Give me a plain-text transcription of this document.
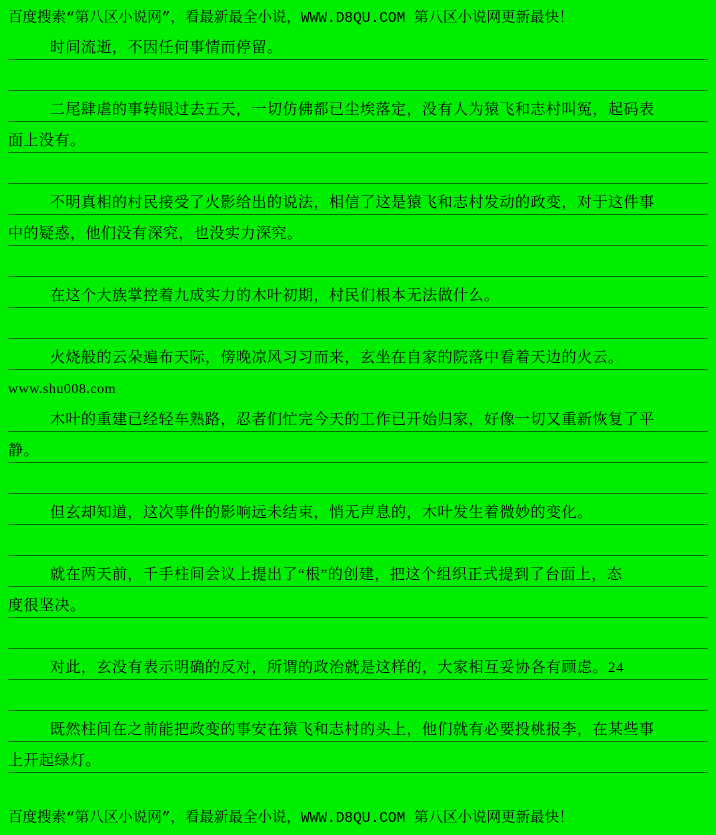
百度搜索“第八区小说网”，看最新最全小说，WWW.D8QU.COM 第八区小说网更新最快！
时间流逝，不因任何事情而停留。
二尾肆虐的事转眼过去五天，一切仿佛都已尘埃落定，没有人为猿飞和志村叫冤，起码表
面上没有。
不明真相的村民接受了火影给出的说法，相信了这是猿飞和志村发动的政变，对于这件事
中的疑惑，他们没有深究，也没实力深究。
在这个大族掌控着九成实力的木叶初期，村民们根本无法做什么。
火烧般的云朵遍布天际，傍晚凉风习习而来，玄坐在自家的院落中看着天边的火云。
www.shu008.com
木叶的重建已经轻车熟路，忍者们忙完今天的工作已开始归家，好像一切又重新恢复了平
静。
但玄却知道，这次事件的影响远未结束，悄无声息的，木叶发生着微妙的变化。
就在两天前，千手柱间会议上提出了“根”的创建，把这个组织正式提到了台面上，态
度很坚决。
对此，玄没有表示明确的反对，所谓的政治就是这样的，大家相互妥协各有顾虑。24
既然柱间在之前能把政变的事安在猿飞和志村的头上，他们就有必要投桃报李，在某些事
上开起绿灯。
百度搜索“第八区小说网”，看最新最全小说，WWW.D8QU.COM 第八区小说网更新最快！
